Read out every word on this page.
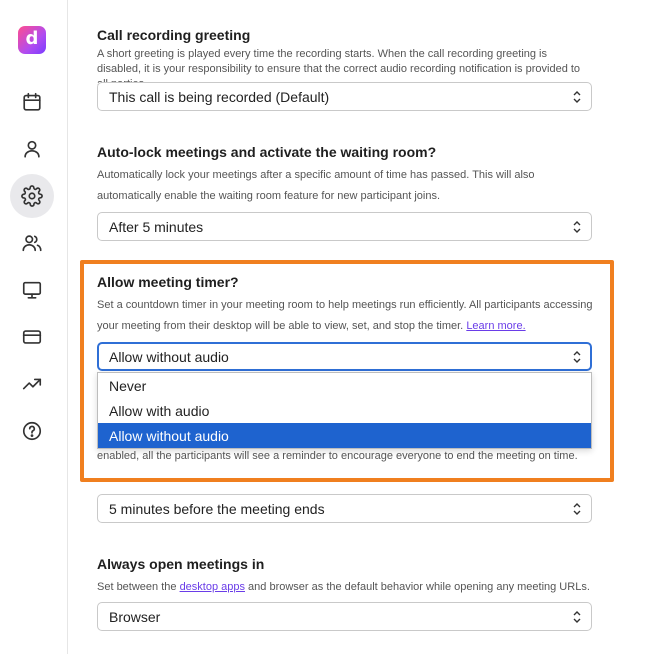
d	Call recording greeting
A short greeting is played every time the recording starts. When the call recording greeting is disabled, it is your responsibility to ensure that the correct audio recording notification is provided to
This call is being recorded (Default)
Auto-lock meetings and activate the waiting room?
Automatically lock your meetings after a specific amount of time has passed. This will also automatically enable the waiting room feature for new participant joins.
After 5 minutes
Allow meeting timer?
Set a countdown timer in your meeting room to help meetings run efficiently. All participants accessing your meeting from their desktop will be able to view, set, and stop the timer. Learn more.
enabled, all the participants will see a reminder to encourage everyone to end the meeting on time.
Allow without audio
Never
Allow with audio
Allow without audio
5 minutes before the meeting ends
Always open meetings in
Set between the desktop apps and browser as the default behavior while opening any meeting URLs.
Browser
